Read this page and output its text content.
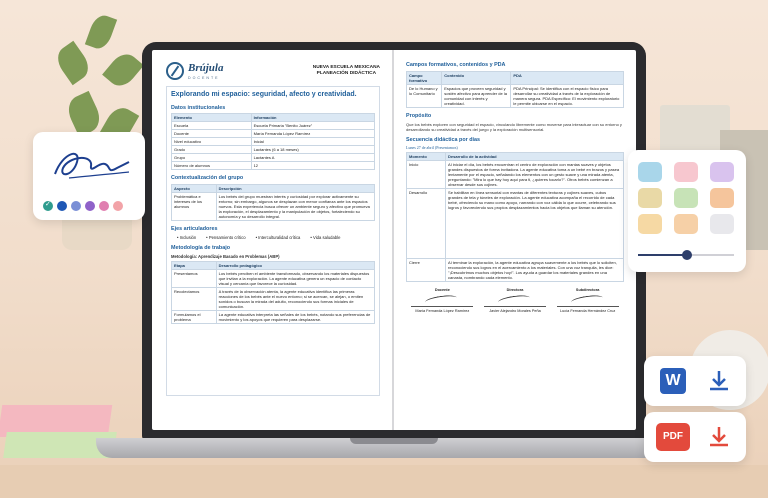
Brújula
DOCENTE
NUEVA ESCUELA MEXICANA
PLANEACIÓN DIDÁCTICA
Explorando mi espacio: seguridad, afecto y creatividad.
Datos institucionales
Elemento	Información
Escuela	Escuela Primaria "Benito Juárez"
Docente	María Fernanda López Ramírez
Nivel educativo	Inicial
Grado	Lactantes (6 a 18 meses)
Grupo	Lactantes A
Número de alumnos	12
Contextualización del grupo
Aspecto	Descripción
Problemática e intereses de los alumnos	Los bebés del grupo muestran interés y curiosidad por explorar activamente su entorno; sin embargo, algunos se desplazan con menor confianza ante los espacios nuevos. Esta experiencia busca ofrecer un ambiente seguro y afectivo que promueva la exploración, el desplazamiento y la manipulación de objetos, fortaleciendo su autonomía y su desarrollo integral.
Ejes articuladores
• Inclusión • Pensamiento crítico • Interculturalidad crítica • Vida saludable
Metodología de trabajo
Metodología: Aprendizaje Basado en Problemas (ABP)
Etapa	Desarrollo pedagógico
Presentamos	Los bebés perciben el ambiente transformado, observando los materiales dispuestos que invitan a la exploración. La agente educativa genera un espacio de contacto visual y cercanía que favorece la curiosidad.
Recolectamos	A través de la observación atenta, la agente educativa identifica las primeras reacciones de los bebés ante el nuevo entorno; si se acercan, se alejan, o emiten sonidos o buscan la mirada del adulto, reconociendo sus formas iniciales de comunicación.
Formulamos el problema	La agente educativa interpreta las señales de los bebés, notando sus preferencias de movimiento y los apoyos que requieren para desplazarse.
Campos formativos, contenidos y PDA
Campo formativo	Contenido	PDA
De lo Humano y lo Comunitario	Espacios que proveen seguridad y sostén afectivo para aprender de la comunidad con interés y creatividad.	PDA Principal: Se identifica con el espacio físico para desarrollar su creatividad a través de la exploración de manera segura. PDA Específico: El movimiento exploratorio le permite ubicarse en el espacio.
Propósito
Que los bebés exploren con seguridad el espacio, vinculando libremente como moverse para interactuar con su entorno y desarrollando su creatividad a través del juego y la exploración multisensorial.
Secuencia didáctica por días
Lunes 27 de abril (Presentamos)
Momento	Desarrollo de la actividad
Inicio	Al iniciar el día, los bebés encuentran el centro de exploración con mantas suaves y objetos grandes dispuestos de forma invitadora. La agente educativa toma a un bebé en brazos y pasea lentamente por el espacio, señalando los elementos con un gesto suave y una mirada atenta, preguntando: "Mira lo que hay hoy aquí para ti, ¿quieres tocarlo?". Otros bebés comienzan a observar desde sus cojines.
Desarrollo	Se habilitan en línea sensorial con mantas de diferentes texturas y cojines suaves, cubos grandes de tela y túneles de exploración. La agente educativa acompaña el recorrido de cada bebé, ofreciendo su mano como apoyo, narrando con voz cálida lo que ocurre, celebrando sus logros y favoreciendo sus propios desplazamientos hacia los objetos que llaman su atención.
Cierre	Al terminar la exploración, la agente educativa agrupa suavemente a los bebés que lo soliciten, reconociendo sus logros en el acercamiento a los materiales. Con una voz tranquila, les dice: "¡Descubrimos muchos objetos hoy!". Los ayuda a guardar los materiales grandes en una canasta, nombrando cada elemento.
Docente
María Fernanda López Ramírez
Directora
Javier Alejandro Morales Peña
Subdirectora
Lucía Fernanda Hernández Cruz
✓
W
PDF
